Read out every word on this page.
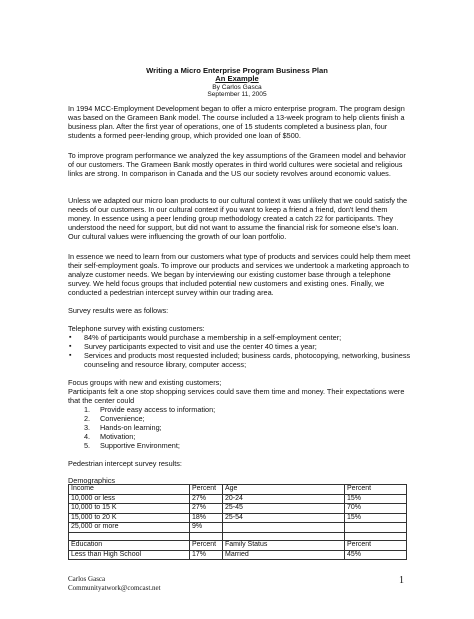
Writing a Micro Enterprise Program Business Plan
An Example
By Carlos Gasca
September 11, 2005

In 1994 MCC-Employment Development began to offer a micro enterprise program. The program design was based on the Grameen Bank model. The course included a 13-week program to help clients finish a business plan. After the first year of operations, one of 15 students completed a business plan, four students a formed peer-lending group, which provided one loan of $500.

To improve program performance we analyzed the key assumptions of the Grameen model and behavior of our customers. The Grameen Bank mostly operates in third world cultures were societal and religious links are strong. In comparison in Canada and the US our society revolves around economic values.

Unless we adapted our micro loan products to our cultural context it was unlikely that we could satisfy the needs of our customers. In our cultural context if you want to keep a friend a friend, don't lend them money. In essence using a peer lending group methodology created a catch 22 for participants. They understood the need for support, but did not want to assume the financial risk for someone else's loan. Our cultural values were influencing the growth of our loan portfolio.

In essence we need to learn from our customers what type of products and services could help them meet their self-employment goals. To improve our products and services we undertook a marketing approach to analyze customer needs. We began by interviewing our existing customer base through a telephone survey. We held focus groups that included potential new customers and existing ones. Finally, we conducted a pedestrian intercept survey within our trading area.

Survey results were as follows:
Telephone survey with existing customers:
▪ 84% of participants would purchase a membership in a self-employment center;
▪ Survey participants expected to visit and use the center 40 times a year;
▪ Services and products most requested included; business cards, photocopying, networking, business counseling and resource library, computer access;
Focus groups with new and existing customers;

Participants felt a one stop shopping services could save them time and money. Their expectations were that the center could

1. Provide easy access to information;
2. Convenience;
3. Hands-on learning;
4. Motivation;
5. Supportive Environment;
Pedestrian intercept survey results:
Demographics
Income	Percent	Age	Percent
10,000 or less	27%	20-24	15%
10,000 to 15 K	27%	25-45	70%
15,000 to 20 K	18%	25-54	15%
25,000 or more	9%		

Education	Percent	Family Status	Percent
Less than High School	17%	Married	45%
Carlos Gasca
Communityatwork@comcast.net
1
